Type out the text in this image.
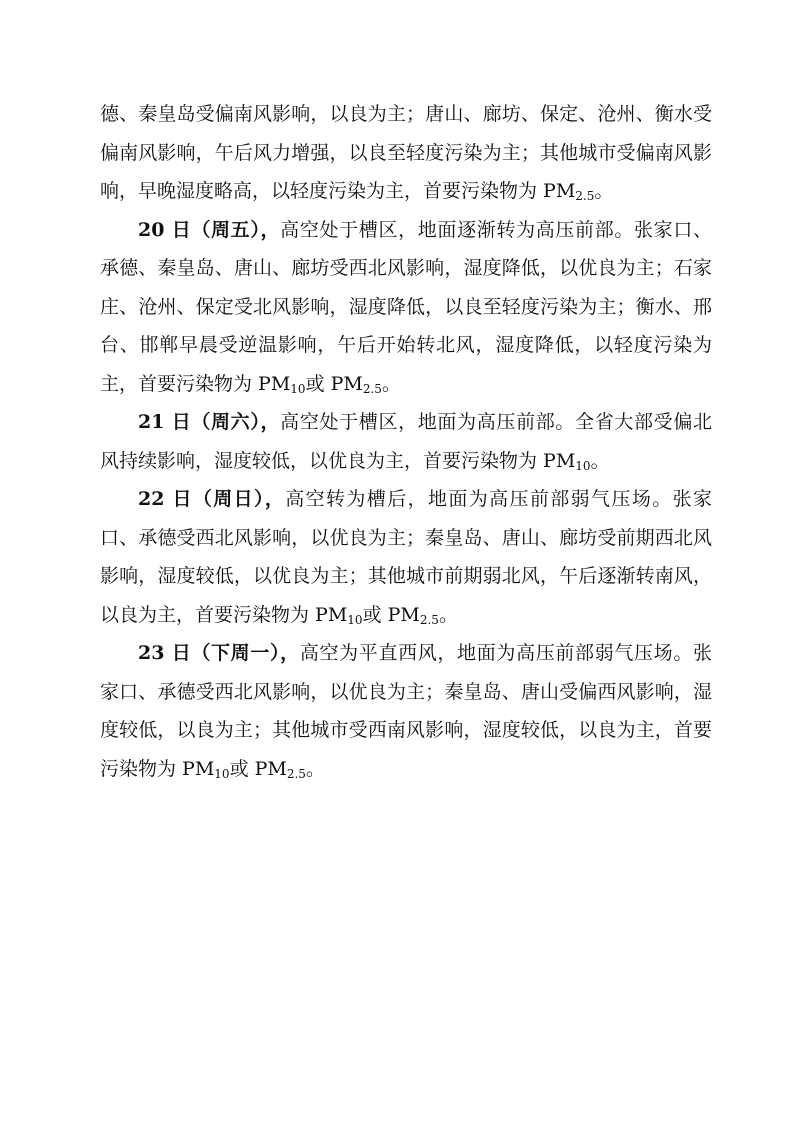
德、秦皇岛受偏南风影响，以良为主；唐山、廊坊、保定、沧州、衡水受偏南风影响，午后风力增强，以良至轻度污染为主；其他城市受偏南风影响，早晚湿度略高，以轻度污染为主，首要污染物为 $PM_{2.5}$。

20 日（周五），高空处于槽区，地面逐渐转为高压前部。张家口、承德、秦皇岛、唐山、廊坊受西北风影响，湿度降低，以优良为主；石家庄、沧州、保定受北风影响，湿度降低，以良至轻度污染为主；衡水、邢台、邯郸早晨受逆温影响，午后开始转北风，湿度降低，以轻度污染为主，首要污染物为 $PM_{10}$或 $PM_{2.5}$。

21 日（周六），高空处于槽区，地面为高压前部。全省大部受偏北风持续影响，湿度较低，以优良为主，首要污染物为 $PM_{10}$。

22 日（周日），高空转为槽后，地面为高压前部弱气压场。张家口、承德受西北风影响，以优良为主；秦皇岛、唐山、廊坊受前期西北风影响，湿度较低，以优良为主；其他城市前期弱北风，午后逐渐转南风，以良为主，首要污染物为 $PM_{10}$或 $PM_{2.5}$。

23 日（下周一），高空为平直西风，地面为高压前部弱气压场。张家口、承德受西北风影响，以优良为主；秦皇岛、唐山受偏西风影响，湿度较低，以良为主；其他城市受西南风影响，湿度较低，以良为主，首要污染物为 $PM_{10}$或 $PM_{2.5}$。
